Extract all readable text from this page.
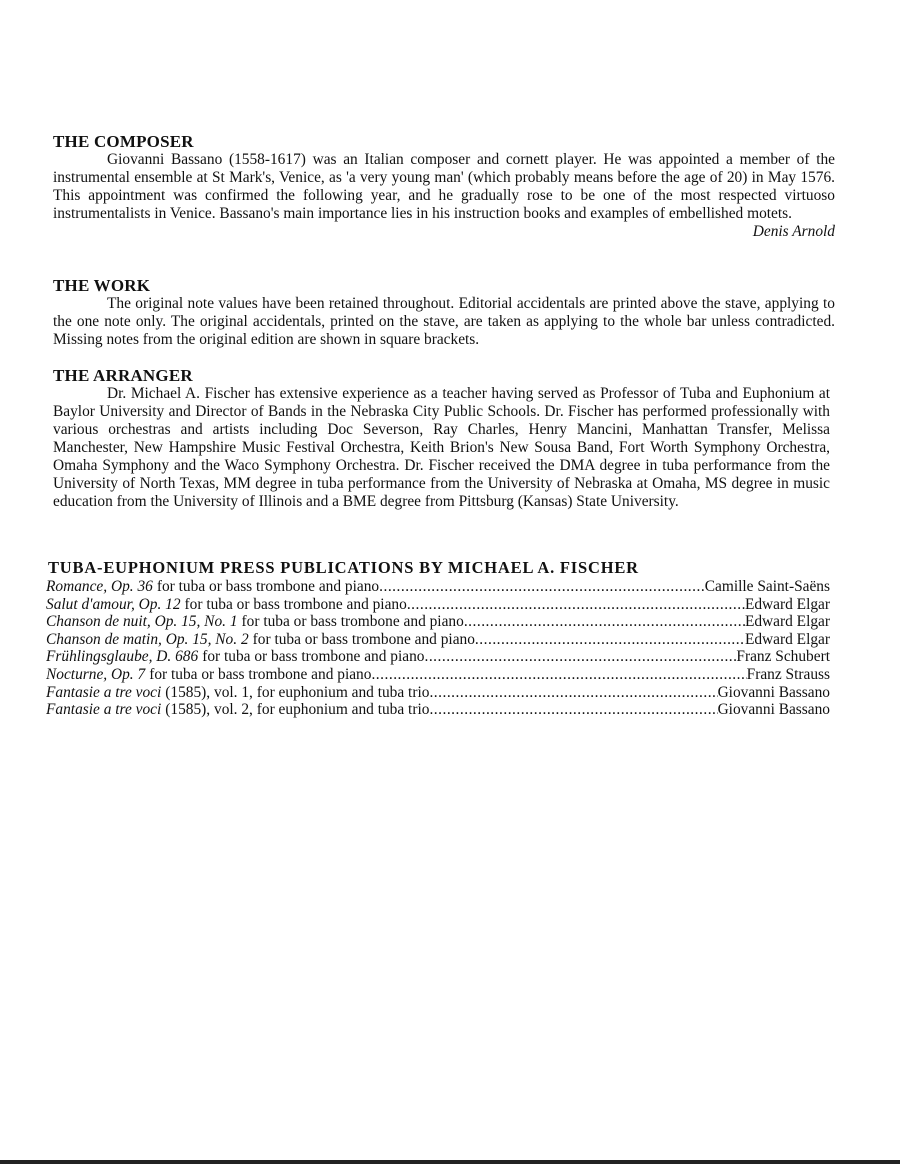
THE COMPOSER

Giovanni Bassano (1558-1617) was an Italian composer and cornett player. He was appointed a member of the instrumental ensemble at St Mark's, Venice, as 'a very young man' (which probably means before the age of 20) in May 1576. This appointment was confirmed the following year, and he gradually rose to be one of the most respected virtuoso instrumentalists in Venice. Bassano's main importance lies in his instruction books and examples of embellished motets.

Denis Arnold

THE WORK

The original note values have been retained throughout. Editorial accidentals are printed above the stave, applying to the one note only. The original accidentals, printed on the stave, are taken as applying to the whole bar unless contradicted. Missing notes from the original edition are shown in square brackets.

THE ARRANGER

Dr. Michael A. Fischer has extensive experience as a teacher having served as Professor of Tuba and Euphonium at Baylor University and Director of Bands in the Nebraska City Public Schools. Dr. Fischer has performed professionally with various orchestras and artists including Doc Severson, Ray Charles, Henry Mancini, Manhattan Transfer, Melissa Manchester, New Hampshire Music Festival Orchestra, Keith Brion's New Sousa Band, Fort Worth Symphony Orchestra, Omaha Symphony and the Waco Symphony Orchestra. Dr. Fischer received the DMA degree in tuba performance from the University of North Texas, MM degree in tuba performance from the University of Nebraska at Omaha, MS degree in music education from the University of Illinois and a BME degree from Pittsburg (Kansas) State University.

TUBA-EUPHONIUM PRESS PUBLICATIONS BY MICHAEL A. FISCHER
Romance, Op. 36 for tuba or bass trombone and piano .....	Camille Saint-Saëns
Salut d'amour, Op. 12 for tuba or bass trombone and piano .....	Edward Elgar
Chanson de nuit, Op. 15, No. 1 for tuba or bass trombone and piano .....	Edward Elgar
Chanson de matin, Op. 15, No. 2 for tuba or bass trombone and piano .....	Edward Elgar
Frühlingsglaube, D. 686 for tuba or bass trombone and piano .....	Franz Schubert
Nocturne, Op. 7 for tuba or bass trombone and piano .....	Franz Strauss
Fantasie a tre voci (1585), vol. 1, for euphonium and tuba trio .....	Giovanni Bassano
Fantasie a tre voci (1585), vol. 2, for euphonium and tuba trio .....	Giovanni Bassano
